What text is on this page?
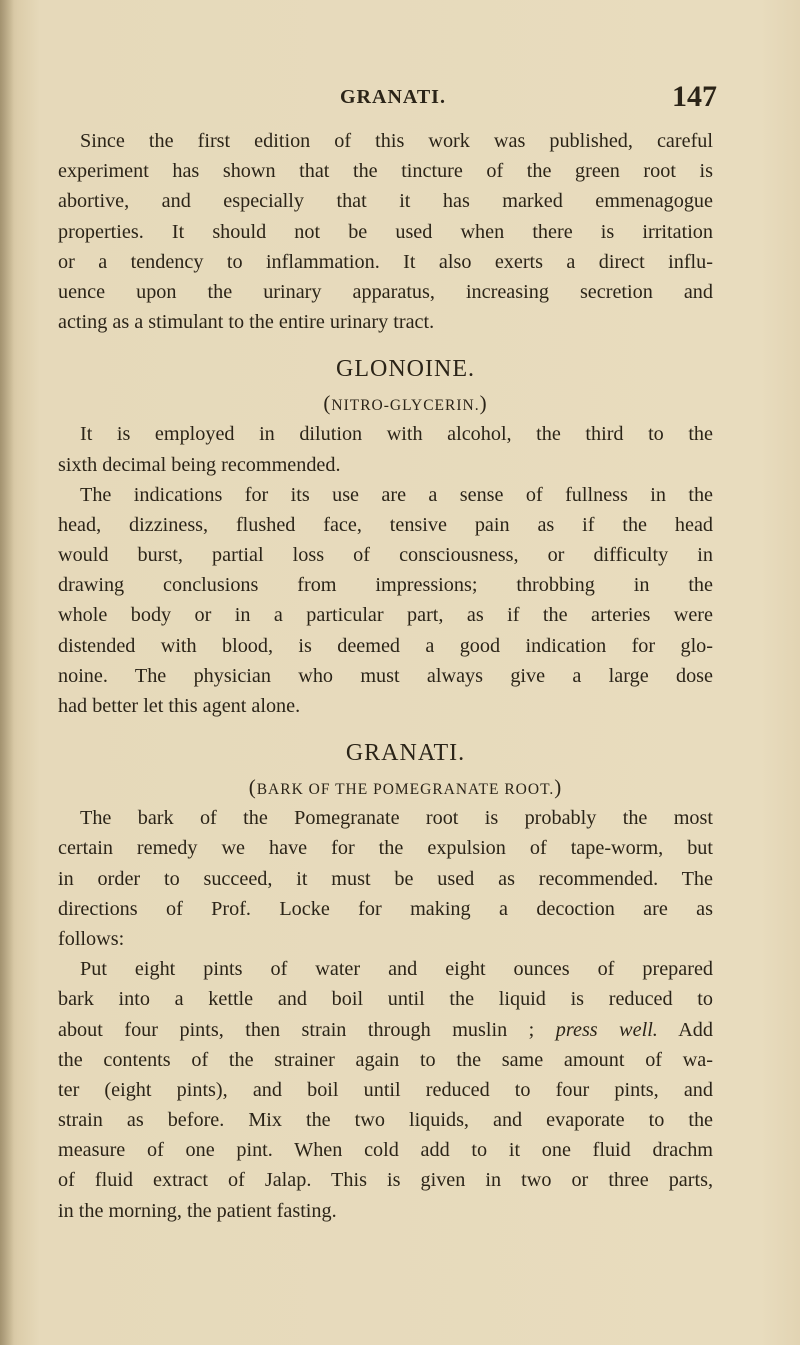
GRANATI.	147
Since the first edition of this work was published, careful
experiment has shown that the tincture of the green root is
abortive, and especially that it has marked emmenagogue
properties. It should not be used when there is irritation
or a tendency to inflammation. It also exerts a direct influ-
uence upon the urinary apparatus, increasing secretion and
acting as a stimulant to the entire urinary tract.
GLONOINE.
(NITRO-GLYCERIN.)
It is employed in dilution with alcohol, the third to the
sixth decimal being recommended.
The indications for its use are a sense of fullness in the
head, dizziness, flushed face, tensive pain as if the head
would burst, partial loss of consciousness, or difficulty in
drawing conclusions from impressions; throbbing in the
whole body or in a particular part, as if the arteries were
distended with blood, is deemed a good indication for glo-
noine. The physician who must always give a large dose
had better let this agent alone.
GRANATI.
(BARK OF THE POMEGRANATE ROOT.)
The bark of the Pomegranate root is probably the most
certain remedy we have for the expulsion of tape-worm, but
in order to succeed, it must be used as recommended. The
directions of Prof. Locke for making a decoction are as
follows:
Put eight pints of water and eight ounces of prepared
bark into a kettle and boil until the liquid is reduced to
about four pints, then strain through muslin ; press well. Add
the contents of the strainer again to the same amount of wa-
ter (eight pints), and boil until reduced to four pints, and
strain as before. Mix the two liquids, and evaporate to the
measure of one pint. When cold add to it one fluid drachm
of fluid extract of Jalap. This is given in two or three parts,
in the morning, the patient fasting.
